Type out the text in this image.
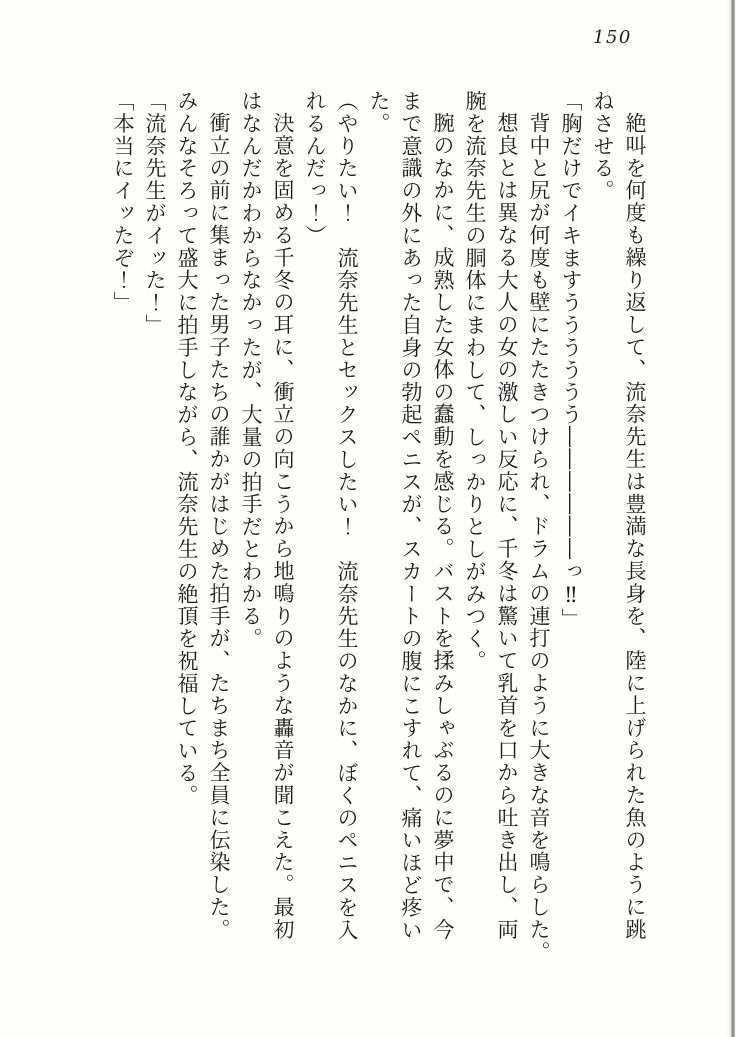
150
絶叫を何度も繰り返して、流奈先生は豊満な長身を、陸に上げられた魚のように跳
ねさせる。
「胸だけでイキますうううううう――――――っ‼」
背中と尻が何度も壁にたたきつけられ、ドラムの連打のように大きな音を鳴らした。
想良とは異なる大人の女の激しい反応に、千冬は驚いて乳首を口から吐き出し、両
腕を流奈先生の胴体にまわして、しっかりとしがみつく。
腕のなかに、成熟した女体の蠢動を感じる。バストを揉みしゃぶるのに夢中で、今
まで意識の外にあった自身の勃起ペニスが、スカートの腹にこすれて、痛いほど疼い
た。
（やりたい！　流奈先生とセックスしたい！　流奈先生のなかに、ぼくのペニスを入
れるんだっ！）
決意を固める千冬の耳に、衝立の向こうから地鳴りのような轟音が聞こえた。最初
はなんだかわからなかったが、大量の拍手だとわかる。
衝立の前に集まった男子たちの誰かがはじめた拍手が、たちまち全員に伝染した。
みんなそろって盛大に拍手しながら、流奈先生の絶頂を祝福している。
「流奈先生がイッた！」
「本当にイッたぞ！」
